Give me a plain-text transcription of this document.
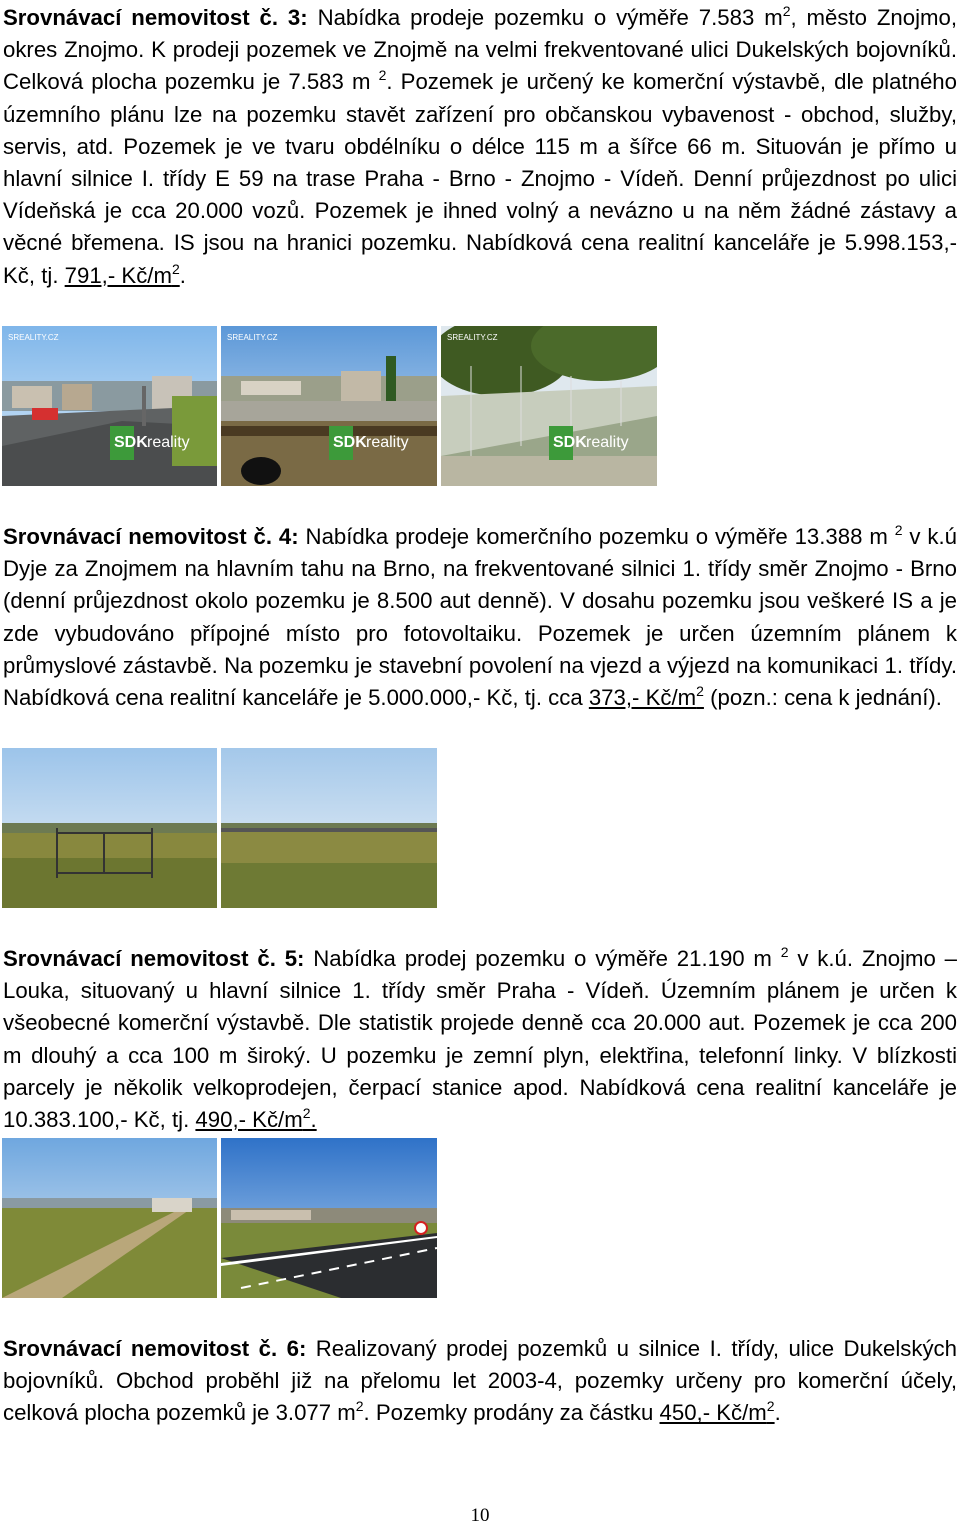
Srovnávací nemovitost č. 3: Nabídka prodeje pozemku o výměře 7.583 $m^2$, město Znojmo, okres Znojmo. K prodeji pozemek ve Znojmě na velmi frekventované ulici Dukelských bojovníků. Celková plocha pozemku je 7.583 m $^2$. Pozemek je určený ke komerční výstavbě, dle platného územního plánu lze na pozemku stavět zařízení pro občanskou vybavenost - obchod, služby, servis, atd. Pozemek je ve tvaru obdélníku o délce 115 m a šířce 66 m. Situován je přímo u hlavní silnice I. třídy E 59 na trase Praha - Brno - Znojmo - Vídeň. Denní průjezdnost po ulici Vídeňská je cca 20.000 vozů. Pozemek je ihned volný a nevázno u na něm žádné zástavy a věcné břemena. IS jsou na hranici pozemku. Nabídková cena realitní kanceláře je 5.998.153,- Kč, tj. 791,- $Kč/m^2$.

SREALITY.CZ
SDK reality
SREALITY.CZ
SDK reality
SREALITY.CZ
SDK reality

Srovnávací nemovitost č. 4: Nabídka prodeje komerčního pozemku o výměře 13.388 m $^2$ v k.ú Dyje za Znojmem na hlavním tahu na Brno, na frekventované silnici 1. třídy směr Znojmo - Brno (denní průjezdnost okolo pozemku je 8.500 aut denně). V dosahu pozemku jsou veškeré IS a je zde vybudováno přípojné místo pro fotovoltaiku. Pozemek je určen územním plánem k průmyslové zástavbě. Na pozemku je stavební povolení na vjezd a výjezd na komunikaci 1. třídy. Nabídková cena realitní kanceláře je 5.000.000,- Kč, tj. cca 373,- $Kč/m^2$ (pozn.: cena k jednání).

Srovnávací nemovitost č. 5: Nabídka prodej pozemku o výměře 21.190 m $^2$ v k.ú. Znojmo – Louka, situovaný u hlavní silnice 1. třídy směr Praha - Vídeň. Územním plánem je určen k všeobecné komerční výstavbě. Dle statistik projede denně cca 20.000 aut. Pozemek je cca 200 m dlouhý a cca 100 m široký. U pozemku je zemní plyn, elektřina, telefonní linky. V blízkosti parcely je několik velkoprodejen, čerpací stanice apod. Nabídková cena realitní kanceláře je 10.383.100,- Kč, tj. 490,- $Kč/m^2$.

Srovnávací nemovitost č. 6: Realizovaný prodej pozemků u silnice I. třídy, ulice Dukelských bojovníků. Obchod proběhl již na přelomu let 2003-4, pozemky určeny pro komerční účely, celková plocha pozemků je 3.077 $m^2$. Pozemky prodány za částku 450,- $Kč/m^2$.

10
